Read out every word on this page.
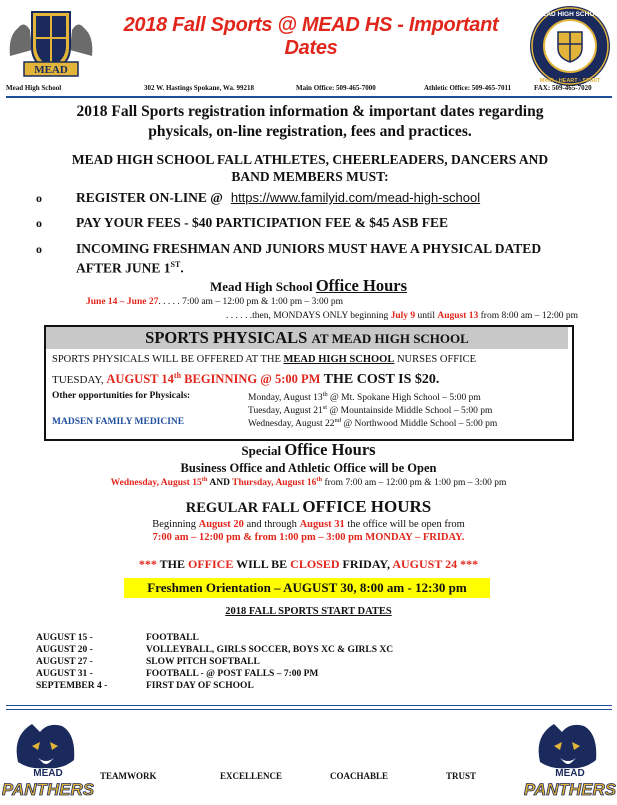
MEAD
2018 Fall Sports @ MEAD HS - Important Dates
MEAD HIGH SCHOOL
MIND · HEART · SPIRIT
Mead High School	302 W. Hastings Spokane, Wa. 99218	Main Office: 509-465-7000	Athletic Office: 509-465-7011	FAX: 509-465-7020
2018 Fall Sports registration information & important dates regarding
physicals, on-line registration, fees and practices.
MEAD HIGH SCHOOL FALL ATHLETES, CHEERLEADERS, DANCERS AND
BAND MEMBERS MUST:
o	REGISTER ON-LINE @ https://www.familyid.com/mead-high-school
o	PAY YOUR FEES - $40 PARTICIPATION FEE & $45 ASB FEE
o	INCOMING FRESHMAN AND JUNIORS MUST HAVE A PHYSICAL DATED
AFTER JUNE 1ST.
Mead High School Office Hours
June 14 – June 27. . . . . 7:00 am – 12:00 pm & 1:00 pm – 3:00 pm
. . . . . .then, MONDAYS ONLY beginning July 9 until August 13 from 8:00 am – 12:00 pm
SPORTS PHYSICALS AT MEAD HIGH SCHOOL
SPORTS PHYSICALS WILL BE OFFERED AT THE MEAD HIGH SCHOOL NURSES OFFICE
TUESDAY, AUGUST 14th BEGINNING @ 5:00 PM THE COST IS $20.
Other opportunities for Physicals:
MADSEN FAMILY MEDICINE
Monday, August 13th @ Mt. Spokane High School – 5:00 pm
Tuesday, August 21st @ Mountainside Middle School – 5:00 pm
Wednesday, August 22nd @ Northwood Middle School – 5:00 pm
Special Office Hours
Business Office and Athletic Office will be Open
Wednesday, August 15th AND Thursday, August 16th from 7:00 am – 12:00 pm & 1:00 pm – 3:00 pm
REGULAR FALL OFFICE HOURS
Beginning August 20 and through August 31 the office will be open from
7:00 am – 12:00 pm & from 1:00 pm – 3:00 pm MONDAY – FRIDAY.
*** THE OFFICE WILL BE CLOSED FRIDAY, AUGUST 24 ***
Freshmen Orientation – AUGUST 30, 8:00 am - 12:30 pm
2018 FALL SPORTS START DATES
AUGUST 15 -	FOOTBALL
AUGUST 20 -	VOLLEYBALL, GIRLS SOCCER, BOYS XC & GIRLS XC
AUGUST 27 -	SLOW PITCH SOFTBALL
AUGUST 31 -	FOOTBALL - @ POST FALLS – 7:00 PM
SEPTEMBER 4 -	FIRST DAY OF SCHOOL
MEAD
PANTHERS
MEAD
PANTHERS
TEAMWORK	EXCELLENCE	COACHABLE	TRUST
